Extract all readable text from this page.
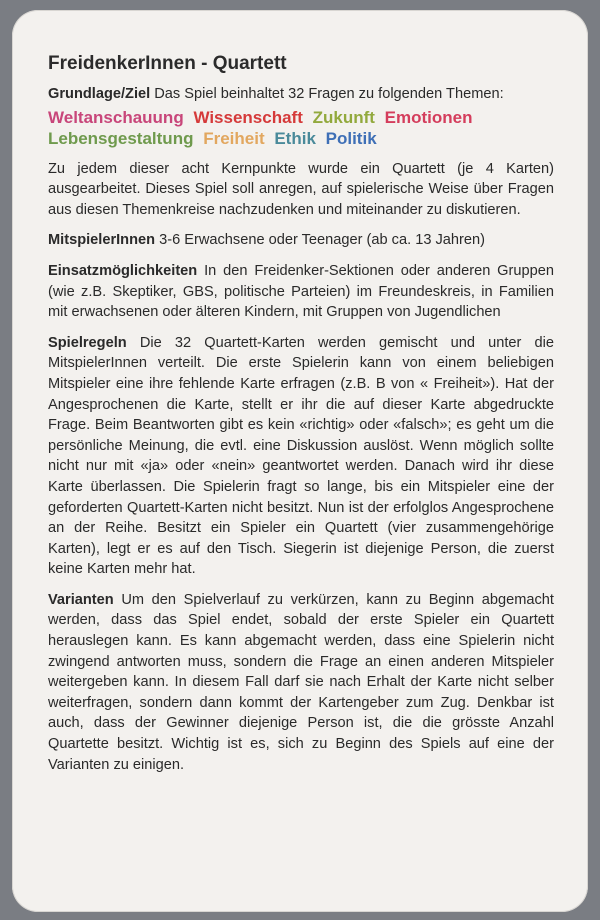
FreidenkerInnen - Quartett

Grundlage/Ziel Das Spiel beinhaltet 32 Fragen zu folgenden Themen:

Weltanschauung Wissenschaft Zukunft Emotionen
Lebensgestaltung Freiheit Ethik Politik

Zu jedem dieser acht Kernpunkte wurde ein Quartett (je 4 Karten) ausgearbeitet. Dieses Spiel soll anregen, auf spielerische Weise über Fragen aus diesen Themenkreise nachzudenken und miteinander zu diskutieren.

MitspielerInnen 3-6 Erwachsene oder Teenager (ab ca. 13 Jahren)

Einsatzmöglichkeiten In den Freidenker-Sektionen oder anderen Gruppen (wie z.B. Skeptiker, GBS, politische Parteien) im Freundeskreis, in Familien mit erwachsenen oder älteren Kindern, mit Gruppen von Jugendlichen

Spielregeln Die 32 Quartett-Karten werden gemischt und unter die MitspielerInnen verteilt. Die erste Spielerin kann von einem beliebigen Mitspieler eine ihre fehlende Karte erfragen (z.B. B von « Freiheit»). Hat der Angesprochenen die Karte, stellt er ihr die auf dieser Karte abgedruckte Frage. Beim Beantworten gibt es kein «richtig» oder «falsch»; es geht um die persönliche Meinung, die evtl. eine Diskussion auslöst. Wenn möglich sollte nicht nur mit «ja» oder «nein» geantwortet werden. Danach wird ihr diese Karte überlassen. Die Spielerin fragt so lange, bis ein Mitspieler eine der geforderten Quartett-Karten nicht besitzt. Nun ist der erfolglos Angesprochene an der Reihe. Besitzt ein Spieler ein Quartett (vier zusammengehörige Karten), legt er es auf den Tisch. Siegerin ist diejenige Person, die zuerst keine Karten mehr hat.

Varianten Um den Spielverlauf zu verkürzen, kann zu Beginn abgemacht werden, dass das Spiel endet, sobald der erste Spieler ein Quartett herauslegen kann. Es kann abgemacht werden, dass eine Spielerin nicht zwingend antworten muss, sondern die Frage an einen anderen Mitspieler weitergeben kann. In diesem Fall darf sie nach Erhalt der Karte nicht selber weiterfragen, sondern dann kommt der Kartengeber zum Zug. Denkbar ist auch, dass der Gewinner diejenige Person ist, die die grösste Anzahl Quartette besitzt. Wichtig ist es, sich zu Beginn des Spiels auf eine der Varianten zu einigen.
